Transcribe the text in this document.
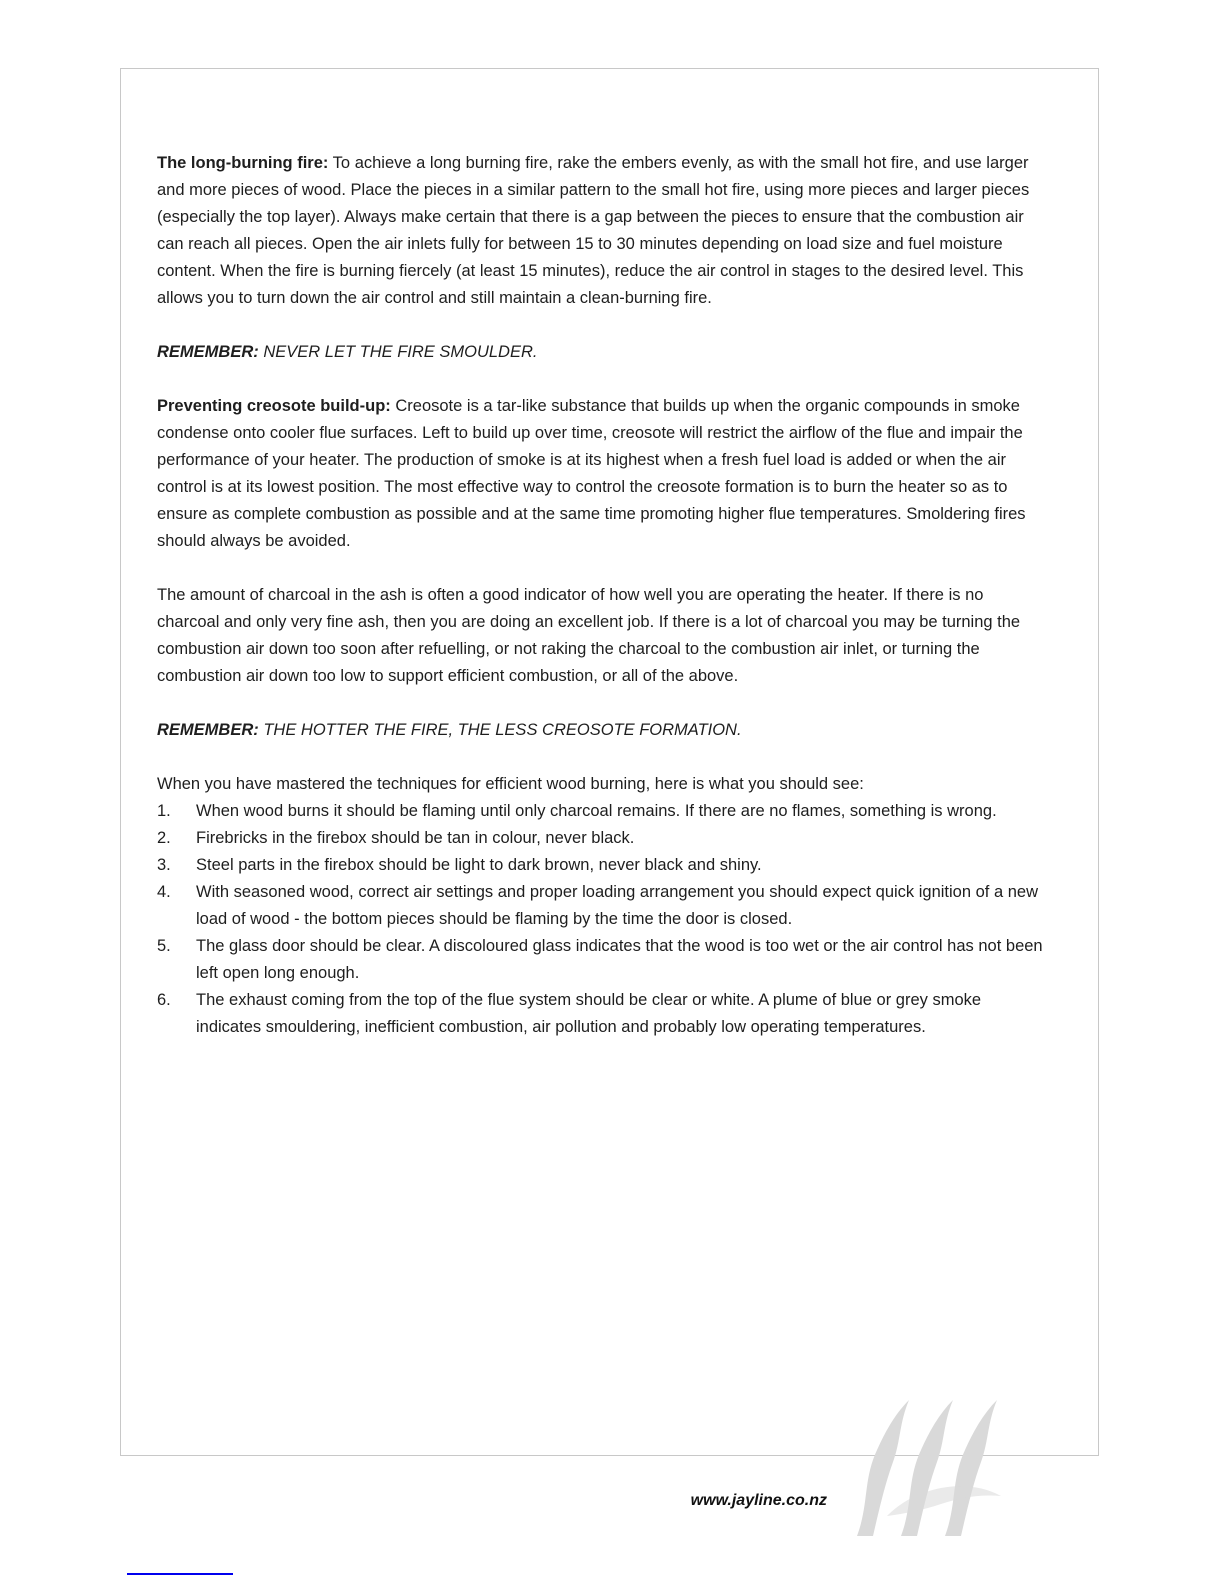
The long-burning fire: To achieve a long burning fire, rake the embers evenly, as with the small hot fire, and use larger and more pieces of wood. Place the pieces in a similar pattern to the small hot fire, using more pieces and larger pieces (especially the top layer). Always make certain that there is a gap between the pieces to ensure that the combustion air can reach all pieces. Open the air inlets fully for between 15 to 30 minutes depending on load size and fuel moisture content. When the fire is burning fiercely (at least 15 minutes), reduce the air control in stages to the desired level. This allows you to turn down the air control and still maintain a clean-burning fire.

REMEMBER: NEVER LET THE FIRE SMOULDER.

Preventing creosote build-up: Creosote is a tar-like substance that builds up when the organic compounds in smoke condense onto cooler flue surfaces. Left to build up over time, creosote will restrict the airflow of the flue and impair the performance of your heater. The production of smoke is at its highest when a fresh fuel load is added or when the air control is at its lowest position. The most effective way to control the creosote formation is to burn the heater so as to ensure as complete combustion as possible and at the same time promoting higher flue temperatures. Smoldering fires should always be avoided.

The amount of charcoal in the ash is often a good indicator of how well you are operating the heater. If there is no charcoal and only very fine ash, then you are doing an excellent job. If there is a lot of charcoal you may be turning the combustion air down too soon after refuelling, or not raking the charcoal to the combustion air inlet, or turning the combustion air down too low to support efficient combustion, or all of the above.

REMEMBER: THE HOTTER THE FIRE, THE LESS CREOSOTE FORMATION.

When you have mastered the techniques for efficient wood burning, here is what you should see:

1.	When wood burns it should be flaming until only charcoal remains. If there are no flames, something is wrong.
2.	Firebricks in the firebox should be tan in colour, never black.
3.	Steel parts in the firebox should be light to dark brown, never black and shiny.
4.	With seasoned wood, correct air settings and proper loading arrangement you should expect quick ignition of a new load of wood - the bottom pieces should be flaming by the time the door is closed.
5.	The glass door should be clear. A discoloured glass indicates that the wood is too wet or the air control has not been left open long enough.
6.	The exhaust coming from the top of the flue system should be clear or white. A plume of blue or grey smoke indicates smouldering, inefficient combustion, air pollution and probably low operating temperatures.
www.jayline.co.nz
